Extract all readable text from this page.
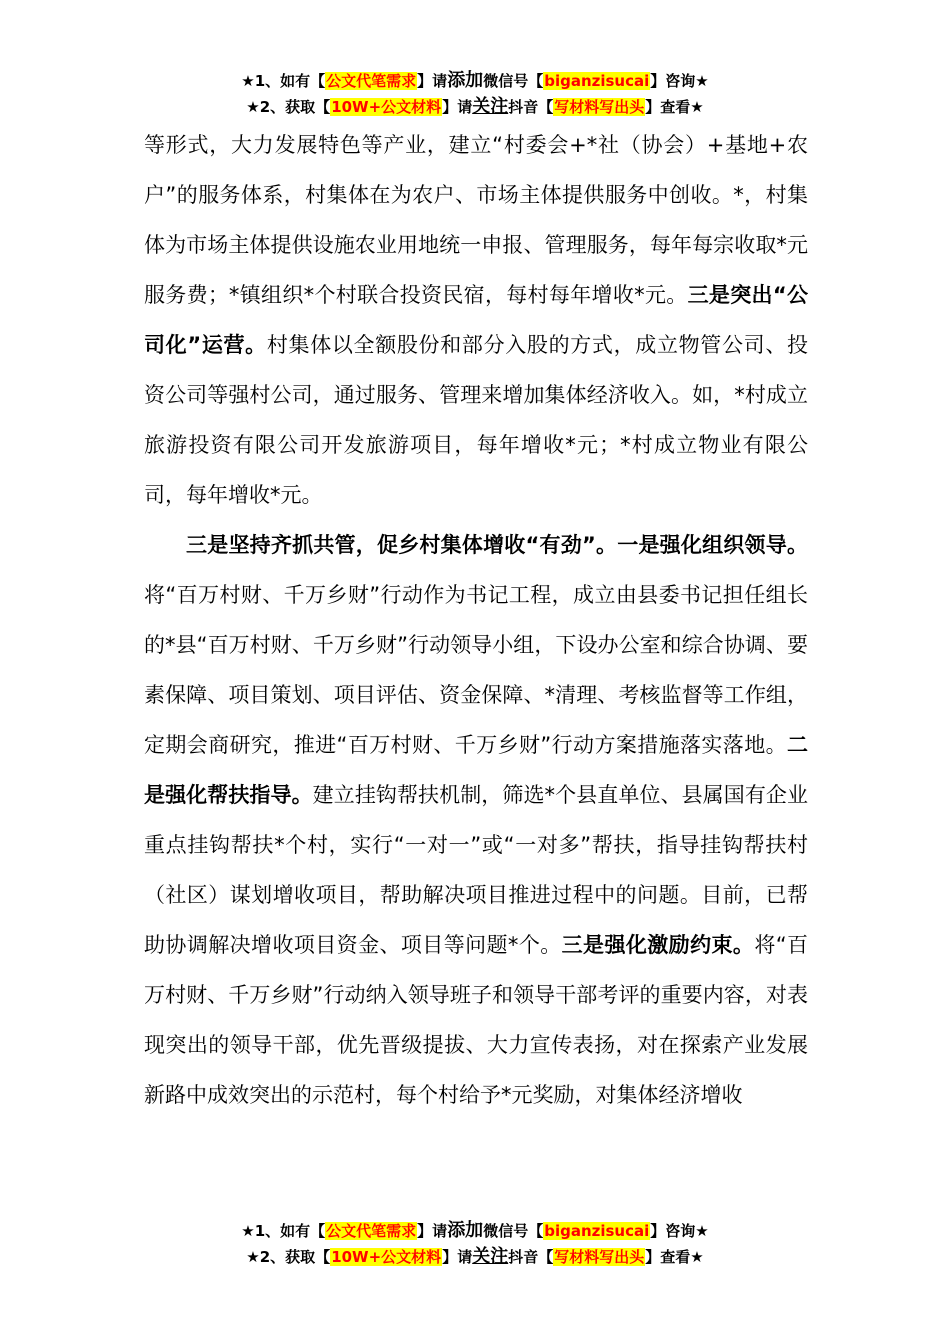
★1、如有【公文代笔需求】请添加微信号【biganzisucai】咨询★
★2、获取【10W+公文材料】请关注抖音【写材料写出头】查看★

等形式，大力发展特色等产业，建立“村委会+*社（协会）+基地+农户”的服务体系，村集体在为农户、市场主体提供服务中创收。*，村集体为市场主体提供设施农业用地统一申报、管理服务，每年每宗收取*元服务费；*镇组织*个村联合投资民宿，每村每年增收*元。三是突出“公司化”运营。村集体以全额股份和部分入股的方式，成立物管公司、投资公司等强村公司，通过服务、管理来增加集体经济收入。如，*村成立旅游投资有限公司开发旅游项目，每年增收*元；*村成立物业有限公司，每年增收*元。

三是坚持齐抓共管，促乡村集体增收“有劲”。一是强化组织领导。将“百万村财、千万乡财”行动作为书记工程，成立由县委书记担任组长的*县“百万村财、千万乡财”行动领导小组，下设办公室和综合协调、要素保障、项目策划、项目评估、资金保障、*清理、考核监督等工作组，定期会商研究，推进“百万村财、千万乡财”行动方案措施落实落地。二是强化帮扶指导。建立挂钩帮扶机制，筛选*个县直单位、县属国有企业重点挂钩帮扶*个村，实行“一对一”或“一对多”帮扶，指导挂钩帮扶村（社区）谋划增收项目，帮助解决项目推进过程中的问题。目前，已帮助协调解决增收项目资金、项目等问题*个。三是强化激励约束。将“百万村财、千万乡财”行动纳入领导班子和领导干部考评的重要内容，对表现突出的领导干部，优先晋级提拔、大力宣传表扬，对在探索产业发展新路中成效突出的示范村，每个村给予*元奖励，对集体经济增收

★1、如有【公文代笔需求】请添加微信号【biganzisucai】咨询★
★2、获取【10W+公文材料】请关注抖音【写材料写出头】查看★
